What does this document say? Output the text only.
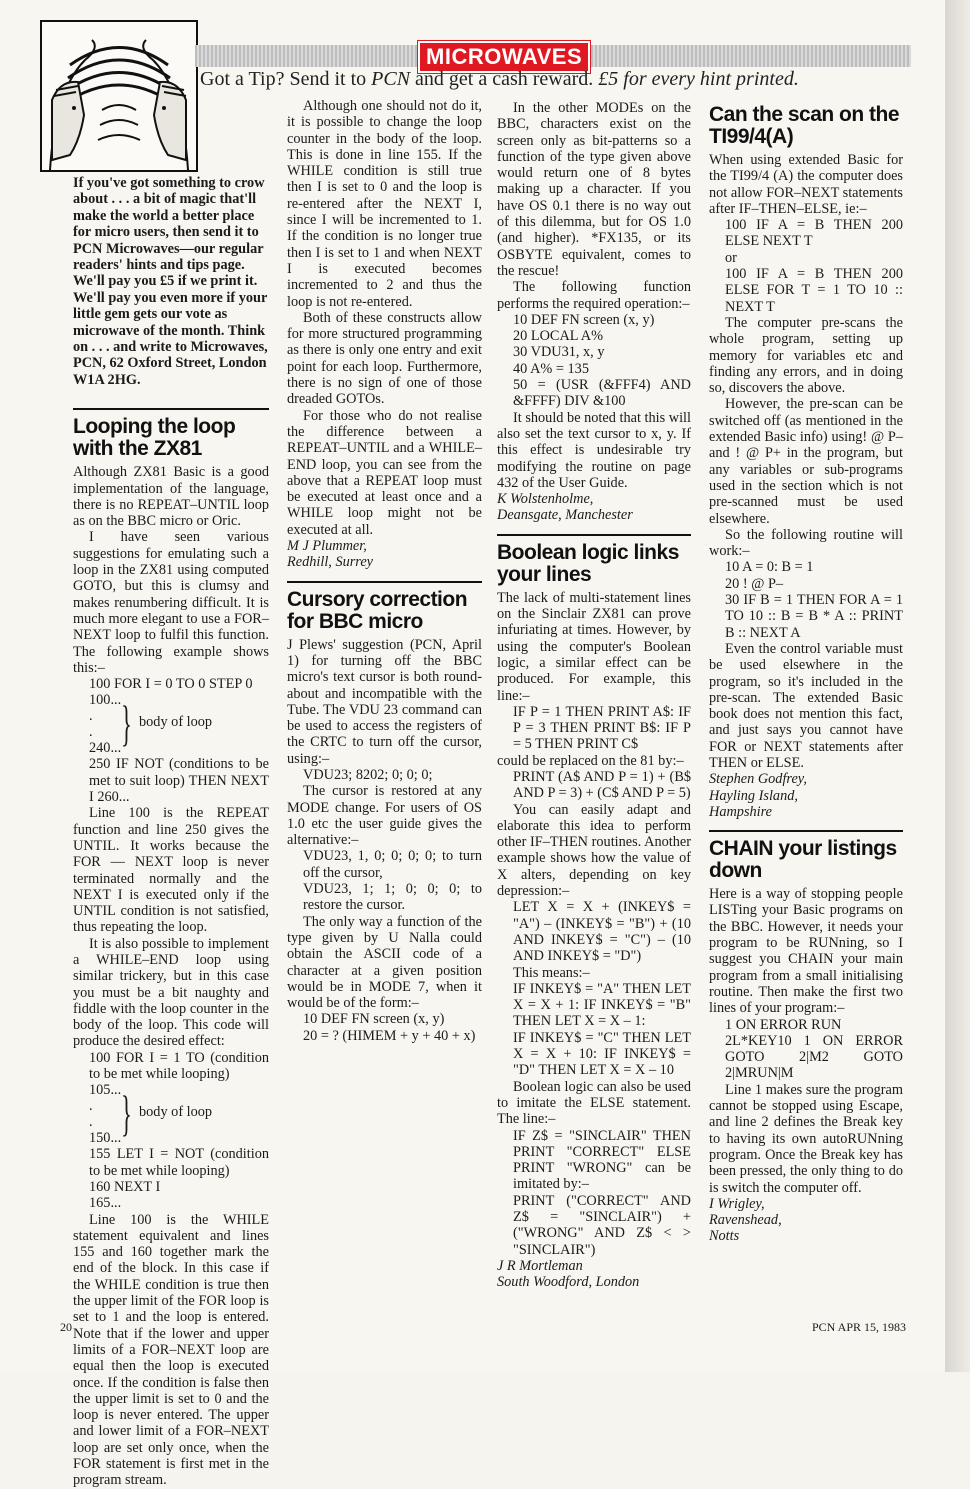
MICROWAVES
Got a Tip? Send it to PCN and get a cash reward. £5 for every hint printed.

If you've got something to crow about . . . a bit of magic that'll make the world a better place for micro users, then send it to PCN Microwaves—our regular readers' hints and tips page. We'll pay you £5 if we print it. We'll pay you even more if your little gem gets our vote as microwave of the month. Think on . . . and write to Microwaves, PCN, 62 Oxford Street, London W1A 2HG.

Looping the loop with the ZX81

Although ZX81 Basic is a good implementation of the language, there is no REPEAT–UNTIL loop as on the BBC micro or Oric.

I have seen various suggestions for emulating such a loop in the ZX81 using computed GOTO, but this is clumsy and makes renumbering difficult. It is much more elegant to use a FOR–NEXT loop to fulfil this function. The following example shows this:–

100 FOR I = 0 TO 0 STEP 0

100...
.
.
240... } body of loop

250 IF NOT (conditions to be met to suit loop) THEN NEXT I 260...

Line 100 is the REPEAT function and line 250 gives the UNTIL. It works because the FOR — NEXT loop is never terminated normally and the NEXT I is executed only if the UNTIL condition is not satisfied, thus repeating the loop.

It is also possible to implement a WHILE–END loop using similar trickery, but in this case you must be a bit naughty and fiddle with the loop counter in the body of the loop. This code will produce the desired effect:

100 FOR I = 1 TO (condition to be met while looping)

105...
.
.
150... } body of loop

155 LET I = NOT (condition to be met while looping)

160 NEXT I

165...

Line 100 is the WHILE statement equivalent and lines 155 and 160 together mark the end of the block. In this case if the WHILE condition is true then the upper limit of the FOR loop is set to 1 and the loop is entered. Note that if the lower and upper limits of a FOR–NEXT loop are equal then the loop is executed once. If the condition is false then the upper limit is set to 0 and the loop is never entered. The upper and lower limit of a FOR–NEXT loop are set only once, when the FOR statement is first met in the program stream.

Although one should not do it, it is possible to change the loop counter in the body of the loop. This is done in line 155. If the WHILE condition is still true then I is set to 0 and the loop is re-entered after the NEXT I, since I will be incremented to 1. If the condition is no longer true then I is set to 1 and when NEXT I is executed becomes incremented to 2 and thus the loop is not re-entered.

Both of these constructs allow for more structured programming as there is only one entry and exit point for each loop. Furthermore, there is no sign of one of those dreaded GOTOs.

For those who do not realise the difference between a REPEAT–UNTIL and a WHILE–END loop, you can see from the above that a REPEAT loop must be executed at least once and a WHILE loop might not be executed at all.

M J Plummer,

Redhill, Surrey

Cursory correction for BBC micro

J Plews' suggestion (PCN, April 1) for turning off the BBC micro's text cursor is both round-about and incompatible with the Tube. The VDU 23 command can be used to access the registers of the CRTC to turn off the cursor, using:–

VDU23; 8202; 0; 0; 0;

The cursor is restored at any MODE change. For users of OS 1.0 etc the user guide gives the alternative:–

VDU23, 1, 0; 0; 0; 0; to turn off the cursor,

VDU23, 1; 1; 0; 0; 0; to restore the cursor.

The only way a function of the type given by U Nalla could obtain the ASCII code of a character at a given position would be in MODE 7, when it would be of the form:–

10 DEF FN screen (x, y)

20 = ? (HIMEM + y + 40 + x)

In the other MODEs on the BBC, characters exist on the screen only as bit-patterns so a function of the type given above would return one of 8 bytes making up a character. If you have OS 0.1 there is no way out of this dilemma, but for OS 1.0 (and higher). *FX135, or its OSBYTE equivalent, comes to the rescue!

The following function performs the required operation:–

10 DEF FN screen (x, y)

20 LOCAL A%

30 VDU31, x, y

40 A% = 135

50 = (USR (&FFF4) AND &FFFF) DIV &100

It should be noted that this will also set the text cursor to x, y. If this effect is undesirable try modifying the routine on page 432 of the User Guide.

K Wolstenholme,

Deansgate, Manchester

Boolean logic links your lines

The lack of multi-statement lines on the Sinclair ZX81 can prove infuriating at times. However, by using the computer's Boolean logic, a similar effect can be produced. For example, this line:–

IF P = 1 THEN PRINT A$: IF P = 3 THEN PRINT B$: IF P = 5 THEN PRINT C$

could be replaced on the 81 by:–

PRINT (A$ AND P = 1) + (B$ AND P = 3) + (C$ AND P = 5)

You can easily adapt and elaborate this idea to perform other IF–THEN routines. Another example shows how the value of X alters, depending on key depression:–

LET X = X + (INKEY$ = "A") – (INKEY$ = "B") + (10 AND INKEY$ = "C") – (10 AND INKEY$ = "D")

This means:–

IF INKEY$ = "A" THEN LET X = X + 1: IF INKEY$ = "B" THEN LET X = X – 1:

IF INKEY$ = "C" THEN LET X = X + 10: IF INKEY$ = "D" THEN LET X = X – 10

Boolean logic can also be used to imitate the ELSE statement. The line:–

IF Z$ = "SINCLAIR" THEN PRINT "CORRECT" ELSE PRINT "WRONG" can be imitated by:–

PRINT ("CORRECT" AND Z$ = "SINCLAIR") + ("WRONG" AND Z$ < > "SINCLAIR")

J R Mortleman

South Woodford, London

Can the scan on the TI99/4(A)

When using extended Basic for the TI99/4 (A) the computer does not allow FOR–NEXT statements after IF–THEN–ELSE, ie:–

100 IF A = B THEN 200 ELSE NEXT T

or

100 IF A = B THEN 200 ELSE FOR T = 1 TO 10 :: NEXT T

The computer pre-scans the whole program, setting up memory for variables etc and finding any errors, and in doing so, discovers the above.

However, the pre-scan can be switched off (as mentioned in the extended Basic info) using! @ P– and ! @ P+ in the program, but any variables or sub-programs used in the section which is not pre-scanned must be used elsewhere.

So the following routine will work:–

10 A = 0: B = 1

20 ! @ P–

30 IF B = 1 THEN FOR A = 1 TO 10 :: B = B * A :: PRINT B :: NEXT A

Even the control variable must be used elsewhere in the program, so it's included in the pre-scan. The extended Basic book does not mention this fact, and just says you cannot have FOR or NEXT statements after THEN or ELSE.

Stephen Godfrey,

Hayling Island,

Hampshire

CHAIN your listings down

Here is a way of stopping people LISTing your Basic programs on the BBC. However, it needs your program to be RUNning, so I suggest you CHAIN your main program from a small initialising routine. Then make the first two lines of your program:–

1 ON ERROR RUN

2L*KEY10 1 ON ERROR GOTO 2|M2 GOTO 2|MRUN|M

Line 1 makes sure the program cannot be stopped using Escape, and line 2 defines the Break key to having its own autoRUNning program. Once the Break key has been pressed, the only thing to do is switch the computer off.

I Wrigley,

Ravenshead,

Notts

20	PCN APR 15, 1983
